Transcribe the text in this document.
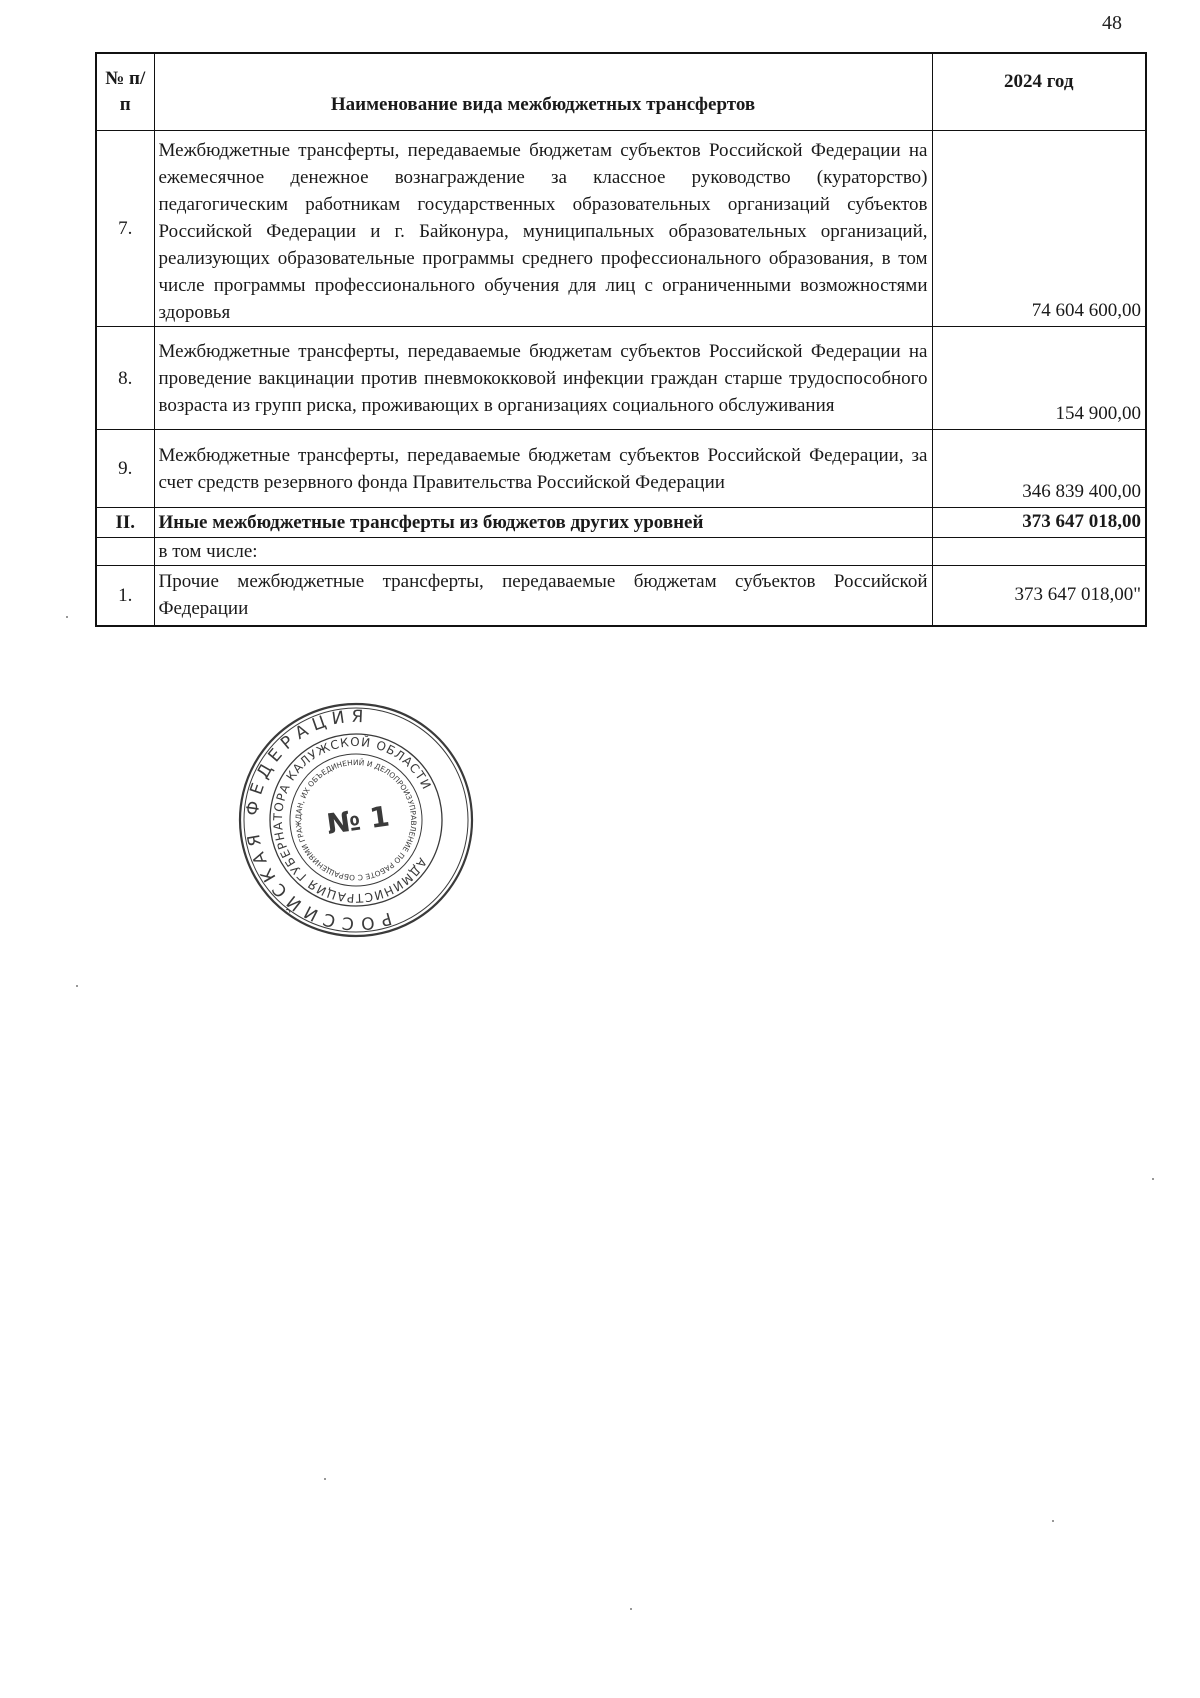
48
№ п/п	Наименование вида межбюджетных трансфертов	2024 год
7.	Межбюджетные трансферты, передаваемые бюджетам субъектов Российской Федерации на ежемесячное денежное вознаграждение за классное руководство (кураторство) педагогическим работникам государственных образовательных организаций субъектов Российской Федерации и г. Байконура, муниципальных образовательных организаций, реализующих образовательные программы среднего профессионального образования, в том числе программы профессионального обучения для лиц с ограниченными возможностями здоровья	74 604 600,00
8.	Межбюджетные трансферты, передаваемые бюджетам субъектов Российской Федерации на проведение вакцинации против пневмококковой инфекции граждан старше трудоспособного возраста из групп риска, проживающих в организациях социального обслуживания	154 900,00
9.	Межбюджетные трансферты, передаваемые бюджетам субъектов Российской Федерации, за счет средств резервного фонда Правительства Российской Федерации	346 839 400,00
II.	Иные межбюджетные трансферты из бюджетов других уровней	373 647 018,00
	в том числе:	
1.	Прочие межбюджетные трансферты, передаваемые бюджетам субъектов Российской Федерации	373 647 018,00"
РОССИЙСКАЯ ФЕДЕРАЦИЯ
АДМИНИСТРАЦИЯ ГУБЕРНАТОРА КАЛУЖСКОЙ ОБЛАСТИ
УПРАВЛЕНИЕ ПО РАБОТЕ С ОБРАЩЕНИЯМИ ГРАЖДАН, ИХ ОБЪЕДИНЕНИЙ И ДЕЛОПРОИЗВОДСТВУ
№ 1
